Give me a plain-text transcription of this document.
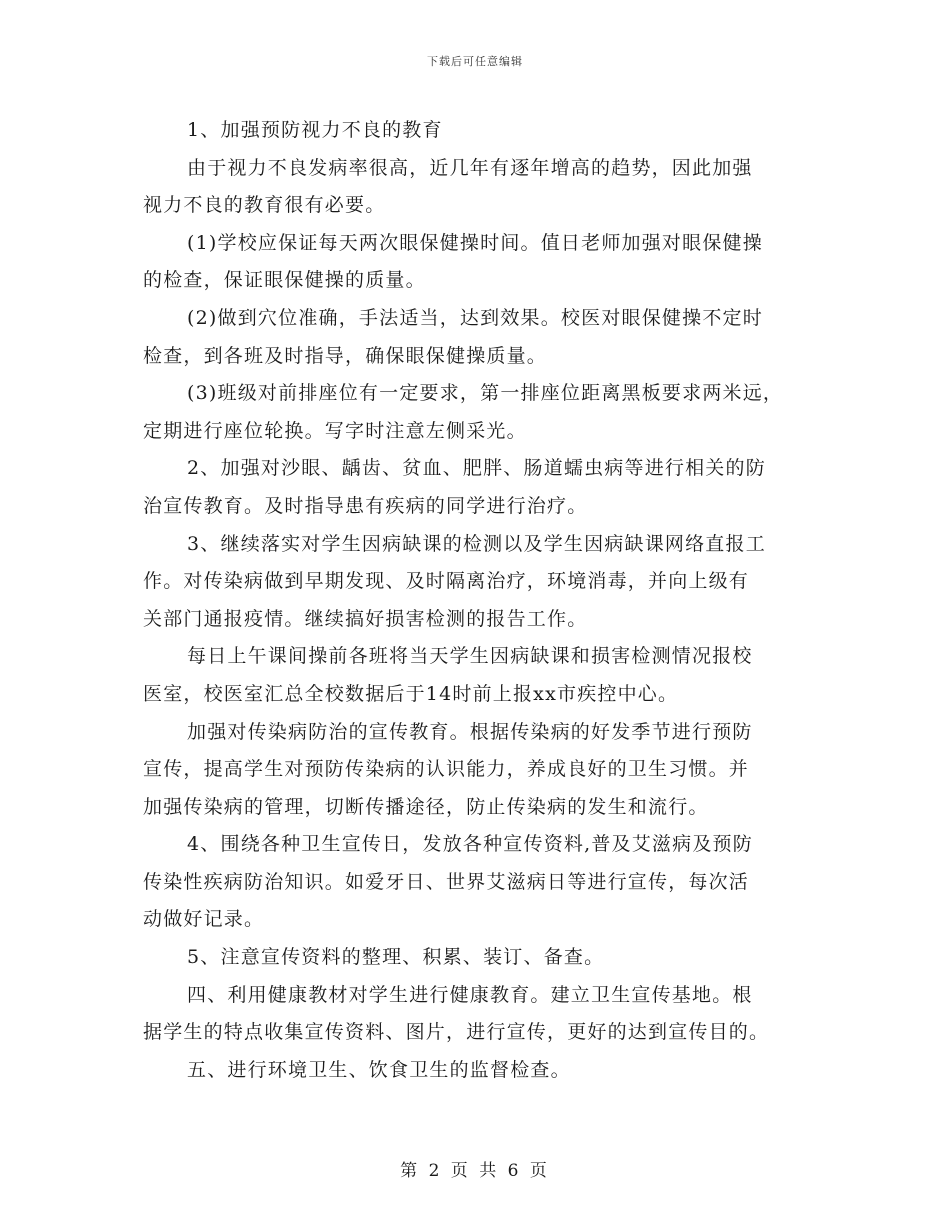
下载后可任意编辑
1、加强预防视力不良的教育
由于视力不良发病率很高，近几年有逐年增高的趋势，因此加强
视力不良的教育很有必要。
(1)学校应保证每天两次眼保健操时间。值日老师加强对眼保健操
的检查，保证眼保健操的质量。
(2)做到穴位准确，手法适当，达到效果。校医对眼保健操不定时
检查，到各班及时指导，确保眼保健操质量。
(3)班级对前排座位有一定要求，第一排座位距离黑板要求两米远，
定期进行座位轮换。写字时注意左侧采光。
2、加强对沙眼、龋齿、贫血、肥胖、肠道蠕虫病等进行相关的防
治宣传教育。及时指导患有疾病的同学进行治疗。
3、继续落实对学生因病缺课的检测以及学生因病缺课网络直报工
作。对传染病做到早期发现、及时隔离治疗，环境消毒，并向上级有
关部门通报疫情。继续搞好损害检测的报告工作。
每日上午课间操前各班将当天学生因病缺课和损害检测情况报校
医室，校医室汇总全校数据后于14时前上报xx市疾控中心。
加强对传染病防治的宣传教育。根据传染病的好发季节进行预防
宣传，提高学生对预防传染病的认识能力，养成良好的卫生习惯。并
加强传染病的管理，切断传播途径，防止传染病的发生和流行。
4、围绕各种卫生宣传日，发放各种宣传资料,普及艾滋病及预防
传染性疾病防治知识。如爱牙日、世界艾滋病日等进行宣传，每次活
动做好记录。
5、注意宣传资料的整理、积累、装订、备查。
四、利用健康教材对学生进行健康教育。建立卫生宣传基地。根
据学生的特点收集宣传资料、图片，进行宣传，更好的达到宣传目的。
五、进行环境卫生、饮食卫生的监督检查。
第 2 页 共 6 页
